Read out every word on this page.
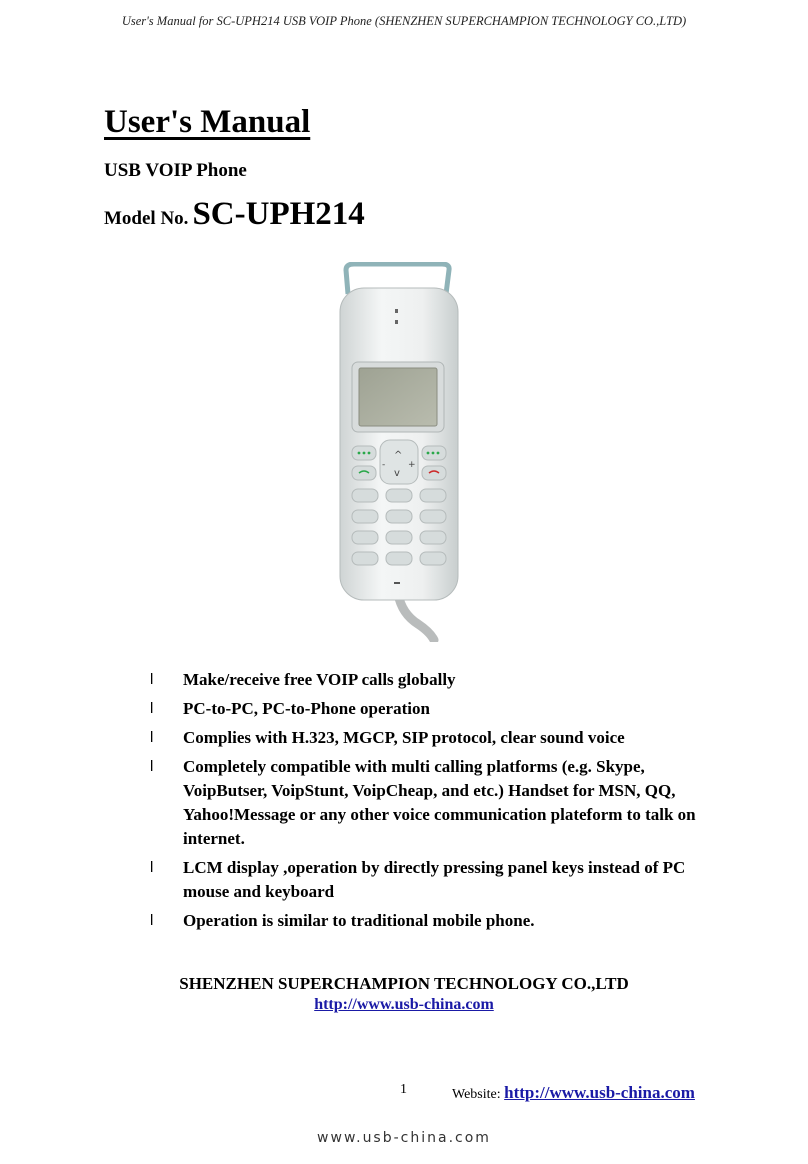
User's Manual for SC-UPH214 USB VOIP Phone (SHENZHEN SUPERCHAMPION TECHNOLOGY CO.,LTD)
User's Manual
USB VOIP Phone
Model No. SC-UPH214
^
v
-	+
l Make/receive free VOIP calls globally
l PC-to-PC, PC-to-Phone operation
l Complies with H.323, MGCP, SIP protocol, clear sound voice
l Completely compatible with multi calling platforms (e.g. Skype, VoipButser, VoipStunt, VoipCheap, and etc.) Handset for MSN, QQ, Yahoo!Message or any other voice communication plateform to talk on internet.
l LCM display ,operation by directly pressing panel keys instead of PC mouse and keyboard
l Operation is similar to traditional mobile phone.
SHENZHEN SUPERCHAMPION TECHNOLOGY CO.,LTD
http://www.usb-china.com
1	Website: http://www.usb-china.com
www.usb-china.com
